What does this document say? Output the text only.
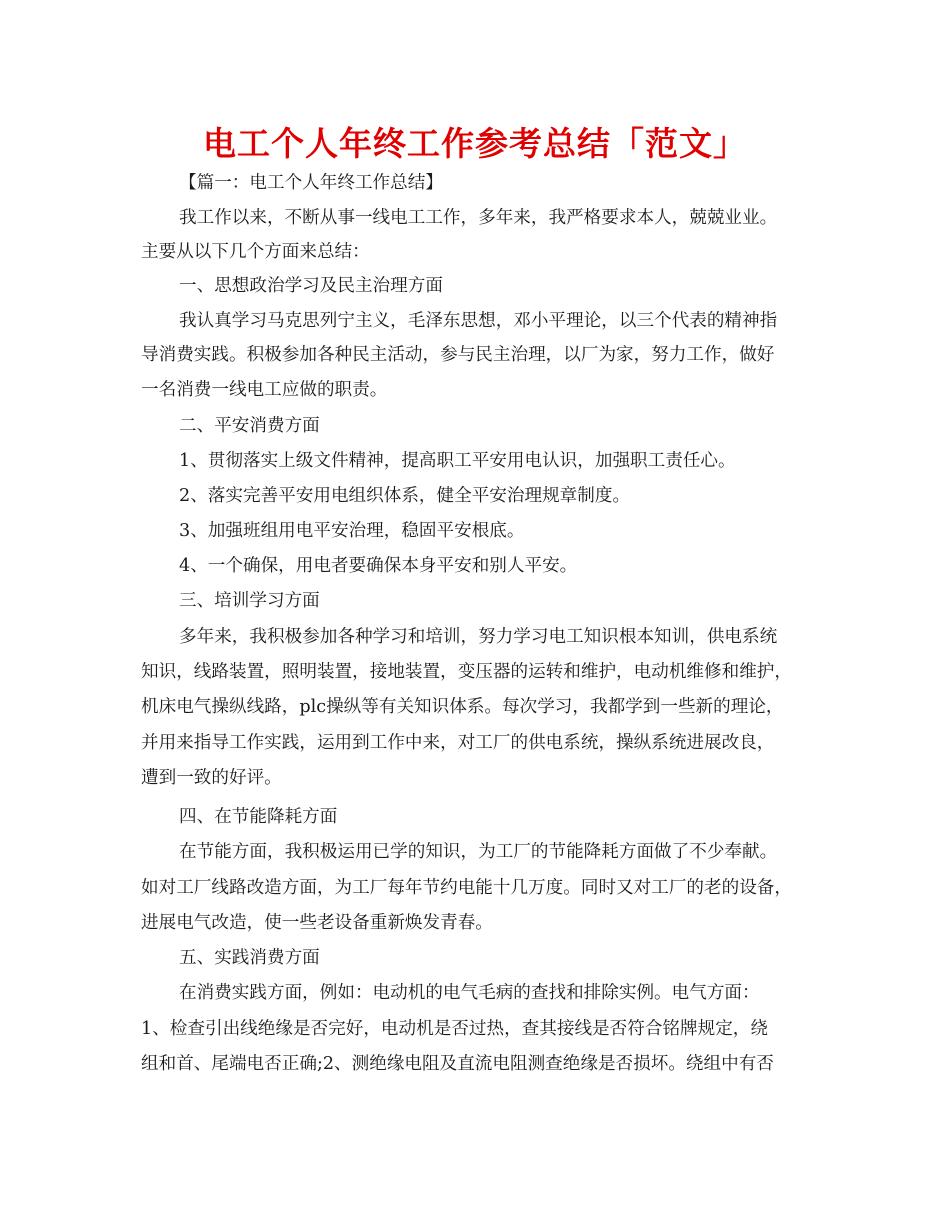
电工个人年终工作参考总结「范文」

【篇一：电工个人年终工作总结】

我工作以来，不断从事一线电工工作，多年来，我严格要求本人，兢兢业业。

主要从以下几个方面来总结：

一、思想政治学习及民主治理方面

我认真学习马克思列宁主义，毛泽东思想，邓小平理论，以三个代表的精神指

导消费实践。积极参加各种民主活动，参与民主治理，以厂为家，努力工作，做好

一名消费一线电工应做的职责。

二、平安消费方面

1、贯彻落实上级文件精神，提高职工平安用电认识，加强职工责任心。

2、落实完善平安用电组织体系，健全平安治理规章制度。

3、加强班组用电平安治理，稳固平安根底。

4、一个确保，用电者要确保本身平安和别人平安。

三、培训学习方面

多年来，我积极参加各种学习和培训，努力学习电工知识根本知训，供电系统

知识，线路装置，照明装置，接地装置，变压器的运转和维护，电动机维修和维护，

机床电气操纵线路，plc操纵等有关知识体系。每次学习，我都学到一些新的理论，

并用来指导工作实践，运用到工作中来，对工厂的供电系统，操纵系统进展改良，

遭到一致的好评。

四、在节能降耗方面

在节能方面，我积极运用已学的知识，为工厂的节能降耗方面做了不少奉献。

如对工厂线路改造方面，为工厂每年节约电能十几万度。同时又对工厂的老的设备，

进展电气改造，使一些老设备重新焕发青春。

五、实践消费方面

在消费实践方面，例如：电动机的电气毛病的查找和排除实例。电气方面：

1、检查引出线绝缘是否完好，电动机是否过热，查其接线是否符合铭牌规定，绕

组和首、尾端电否正确;2、测绝缘电阻及直流电阻测查绝缘是否损坏。绕组中有否
